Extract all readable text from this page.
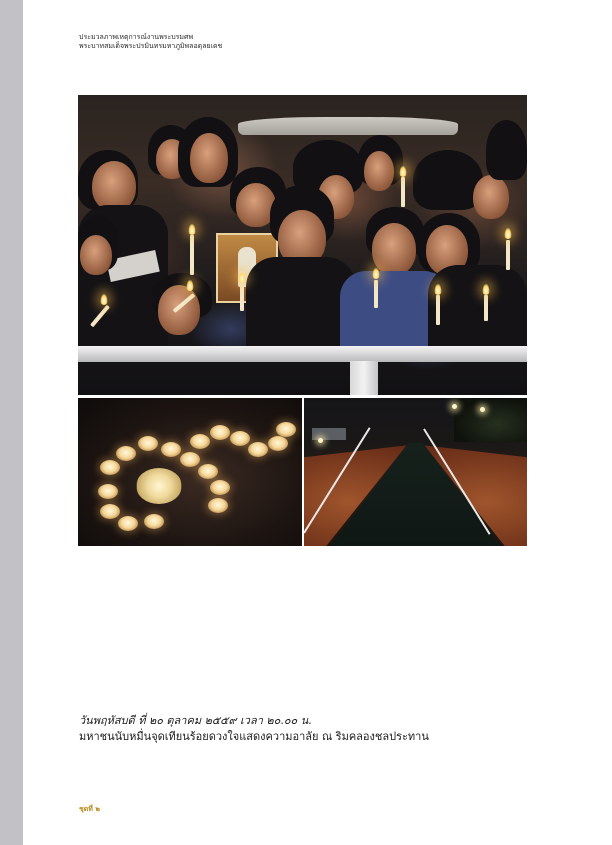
ประมวลภาพเหตุการณ์งานพระบรมศพ
พระบาทสมเด็จพระปรมินทรมหาภูมิพลอดุลยเดช
วันพฤหัสบดี ที่ ๒๐ ตุลาคม ๒๕๕๙ เวลา ๒๐.๐๐ น.
มหาชนนับหมื่นจุดเทียนร้อยดวงใจแสดงความอาลัย ณ ริมคลองชลประทาน
ชุดที่ ๒
